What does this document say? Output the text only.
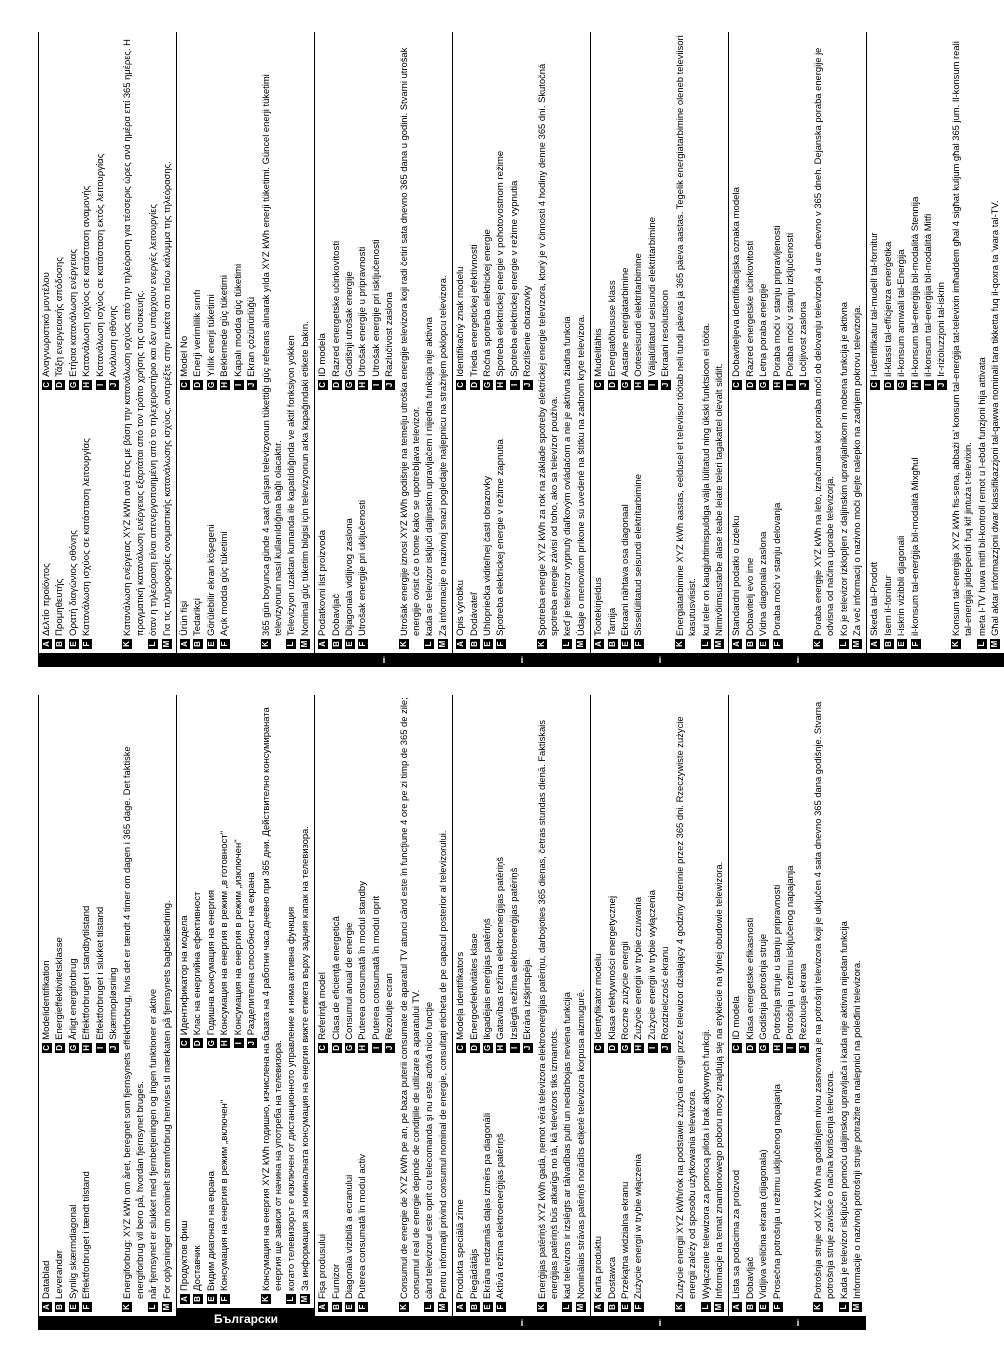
A
Datablad
C
Modelidentifikation
B
Leverandør
D
Energieffektivitetsklasse
E
Synlig skærmdiagonal
G
Årligt energiforbrug
F
Effektforbruget i tændt tilstand
H
Effektforbruget i standbytilstand
I
Effektforbruget i slukket tilstand
J
Skærmopløsning
K
Energiforbrug: XYZ kWh om året, beregnet som fjernsynets effektforbrug, hvis det er tændt 4 timer om dagen i 365 dage. Det faktiske energiforbrug vil bero på, hvordan fjernsynet bruges.
L
når fjernsynet er slukket med fjernbetjeningen og ingen funktioner er aktive
M
For oplysninger om nominelt strømforbrug henvises til mærkaten på fjernsynets bagbeklædning.
Български
A
Продуктов фиш
C
Идентификатор на модела
B
Доставчик
D
Клас на енергийна ефективност
E
Видим диагонал на екрана
G
Годишна консумация на енергия
F
Консумация на енергия в режим „включен"
H
Консумация на енергия в режим „в готовност"
I
Консумация на енергия в режим „изключен"
J
Разделителна способност на екрана
K
Консумация на енергия XYZ kWh годишно, изчислена на базата на 4 работни часа дневно при 365 дни. Действително консумираната енергия ще зависи от начина на употреба на телевизора.
L
когато телевизорът е изключен от дистанционното управление и няма активна функция
M
За информация за номиналната консумация на енергия вижте етикета върху задния капак на телевизора.
A
Fişa produsului
C
Referinţă model
B
Furnizor
D
Clasa de eficienţă energetică
E
Diagonala vizibilă a ecranului
G
Consumul anual de energie
F
Puterea consumată în modul activ
H
Puterea consumată în modul standby
I
Puterea consumată în modul oprit
J
Rezoluţie ecran
K
Consumul de energie de XYZ kWh pe an, pe baza puterii consumate de aparatul TV atunci când este în funcţiune 4 ore pe zi timp de 365 de zile; consumul real de energie depinde de condiţiile de utilizare a aparatului TV.
L
când televizorul este oprit cu telecomanda şi nu este activă nicio funcţie
M
Pentru informaţii privind consumul nominal de energie, consultaţi eticheta de pe capacul posterior al televizorului.
i
A
Produkta speciālā zīme
C
Modeļa identifikators
B
Piegādātājs
D
Energoefektivitātes klase
E
Ekrāna redzamās daļas izmērs pa diagonāli
G
Ikgadējais enerģijas patēriņš
F
Aktīvā režīma elektroenerģijas patēriņš
H
Gatavības režīma elektroenerģijas patēriņš
I
Izslēgtā režīma elektroenerģijas patēriņš
J
Ekrāna izšķirtspēja
K
Enerģijas patēriņš XYZ kWh gadā, ņemot vērā televizora elektroenerģijas patēriņu, darbojoties 365 dienas, četras stundas dienā. Faktiskais enerģijas patēriņš būs atkarīgs no tā, kā televizors tiks izmantots.
L
kad televizors ir izslēgts ar tālvadības pulti un nedarbojas neviena funkcija
M
Nominālais strāvas patēriņš norādīts etiķetē televizora korpusa aizmugurē.
i
A
Karta produktu
C
Identyfikator modelu
B
Dostawca
D
Klasa efektywności energetycznej
E
Przekątna widzialna ekranu
G
Roczne zużycie energii
F
Zużycie energii w trybie włączenia
H
Zużycie energii w trybie czuwania
I
Zużycie energii w trybie wyłączenia
J
Rozdzielczość ekranu
K
Zużycie energii XYZ kWh/rok na podstawie zużycia energii przez telewizor działający 4 godziny dziennie przez 365 dni. Rzeczywiste zużycie energii zależy od sposobu użytkowania telewizora.
L
Wyłączenie telewizora za pomocą pilota i brak aktywnych funkcji.
M
Informacje na temat znamionowego poboru mocy znajdują się na etykiecie na tylnej obudowie telewizora.
i
A
Lista sa podacima za proizvod
C
ID modela
B
Dobavljač
D
Klasa energetske efikasnosti
E
Vidljiva veličina ekrana (dijagonala)
G
Godišnja potrošnja struje
F
Prosečna potrošnja u režimu uključenog napajanja
H
Potrošnja struje u stanju pripravnosti
I
Potrošnja u režimu isključenog napajanja
J
Rezolucija ekrana
K
Potrošnja struje od XYZ kWh na godišnjem nivou zasnovana je na potrošnji televizora koji je uključen 4 sata dnevno 365 dana godišnje. Stvarna potrošnja struje zavisiće o načina korišćenja televizora.
L
Kada je televizor isključen pomoću daljinskog upravljača i kada nije aktivna nijedan funkcija
M
Informacije o nazivnoj potrošnji struje potražite na nalepnici na poleđini televizora.
A
Δελτίο προϊόντος
C
Αναγνωριστικό μοντέλου
B
Προμηθευτής
D
Τάξη ενεργειακής απόδοσης
E
Ορατή διαγώνιος οθόνης
G
Ετήσια κατανάλωση ενέργειας
F
Κατανάλωση ισχύος σε κατάσταση λειτουργίας
H
Κατανάλωση ισχύος σε κατάσταση αναμονής
I
Κατανάλωση ισχύος σε κατάσταση εκτός λειτουργίας
J
Ανάλυση οθόνης
K
Κατανάλωση ενέργειας XYZ kWh ανά έτος με βάση την κατανάλωση ισχύος από την τηλεόραση για τέσσερις ώρες ανά ημέρα επί 365 ημέρες. Η πραγματική κατανάλωση ενέργειας εξαρτάται από τον τρόπο χρήσης της συσκευής.
L
όταν η τηλεόραση είναι απενεργοποιημένη από το τηλεχειριστήριο και δεν υπάρχουν ενεργές λειτουργίες
M
Για τις πληροφορίες ονομαστικής κατανάλωσης ισχύος, ανατρέξτε στην ετικέτα στο πίσω κάλυμμα της τηλεόρασης.
A
Ürün fişi
C
Model No
B
Tedarikçi
D
Enerji verimlilik sınıfı
E
Görülebilir ekran köşegeni
G
Yıllık enerji tüketimi
F
Açık modda güç tüketimi
H
Beklemede güç tüketimi
I
Kapalı modda güç tüketimi
J
Ekran çözünürlüğü
K
365 gün boyunca günde 4 saat çalışan televizyonun tükettiği güç referans alınarak yılda XYZ kWh enerji tüketimi. Güncel enerji tüketimi televizyonun nasıl kullanıldığına bağlı olacaktır.
L
Televizyon uzaktan kumanda ile kapatıldığında ve aktif fonksiyon yokken
M
Nominal güç tüketim bilgisi için televizyonun arka kapağındaki etikete bakın.
i
A
Podatkovni list proizvoda
C
ID modela
B
Dobavljač
D
Razred energetske učinkovitosti
E
Dijagonala vidljivog zaslona
G
Godišnji utrošak energije
F
Utrošak energije pri uključenosti
H
Utrošak energije u pripravnosti
I
Utrošak energije pri isključenosti
J
Razlučivost zaslona
K
Utrošak energije iznosi XYZ kWh godišnje na temelju utroška energije televizora koji radi četiri sata dnevno 365 dana u godini. Stvarni utrošak energije ovisit će o tome kako se upotrebljava televizor.
L
kada se televizor isključi daljinskim upravljačem i nijedna funkcija nije aktivna
M
Za informacije o nazivnoj snazi pogledajte naljepnicu na stražnjem poklopcu televizora.
i
A
Opis výrobku
C
Identifikačný znak modelu
B
Dodávateľ
D
Trieda energetickej efektívnosti
E
Uhlopriečka viditeľnej časti obrazovky
G
Ročná spotreba elektrickej energie
F
Spotreba elektrickej energie v režime zapnutia
H
Spotreba elektrickej energie v pohotovostnom režime
I
Spotreba elektrickej energie v režime vypnutia
J
Rozlíšenie obrazovky
K
Spotreba energie XYZ kWh za rok na základe spotreby elektrickej energie televízora, ktorý je v činnosti 4 hodiny denne 365 dní. Skutočná spotreba energie závisí od toho, ako sa televízor používa.
L
keď je televízor vypnutý diaľkovým ovládačom a nie je aktívna žiadna funkcia
M
Údaje o menovitom príkone sú uvedené na štítku na zadnom kryte televízora.
i
A
Tootekirjeldus
C
Mudelitähis
B
Tarnija
D
Energiatõhususe klass
E
Ekraani nähtava osa diagonaal
G
Aastane energiatarbimine
F
Sisselülitatud seisundi elektritarbimine
H
Ooteseisundi elektritarbimine
I
Väljalülitatud seisundi elektritarbimine
J
Ekraani resolutsioon
K
Energiatarbimine XYZ kWh aastas, eeldusel et televiisor töötab neli tundi päevas ja 365 päeva aastas. Tegelik energiatarbimine oleneb televiisori kasutusviisist.
L
kui teler on kaugjuhtimispuldiga välja lülitatud ning ükski funktsioon ei tööta.
M
Nimivõimsustarbe alase teabe leiate teleri tagakattel olevalt sildilt.
i
A
Standardni podatki o izdelku
C
Dobaviteljeva identifikacijska oznaka modela
B
Dobavitelj evo ime
D
Razred energetske učinkovitosti
E
Vidna diagonala zaslona
G
Letna poraba energije
F
Poraba moči v stanju delovanja
H
Poraba moči v stanju pripravljenosti
I
Poraba moči v stanju izključenosti
J
Ločljivost zaslona
K
Poraba energije XYZ kWh na leto, izračunana kot poraba moči ob delovanju televizorja 4 ure dnevno v 365 dneh. Dejanska poraba energije je odvisna od načina uporabe televizorja.
L
Ko je televizor izklopljen z daljinskim upravljalnikom in nobena funkcija je aktivna
M
Za več informacij o nazivno moči glejte nalepko na zadnjem pokrovu televizorja.
A
Skeda tal-Prodott
C
l-identifikatur tal-mudell tal-fornitur
B
Isem il-fornitur
D
il-klassi tal-effiċjenza enerġetika
E
l-iskrin viżibbli djagonali
G
il-konsum annwali tal-Enerġija
F
il-konsum tal-enerġija bil-modalità Mixgħul
H
il-konsum tal-enerġija bil-modalità Stennija
I
il-konsum tal-enerġija bil-modalità Mitfi
J
Ir-riżoluzzjoni tal-iskrin
K
Konsum tal-enerġija XYZ kWh fis-sena, abbażi ta' konsum tal-enerġija tat-televixin imħaddem għal 4 sigħat kuljum għal 365 jum. Il-konsum reali tal-enerġija jiddependi fuq kif jintuża t-televixin.
L
meta l-TV huwa mitfi bil-kontroll remot u l-ebda funzjoni hija attivata
M
Għal aktar informazzjoni dwar klassifikazzjoni tal-qawwa nominali tara tikketta fuq il-qoxra ta 'wara tal-TV.
